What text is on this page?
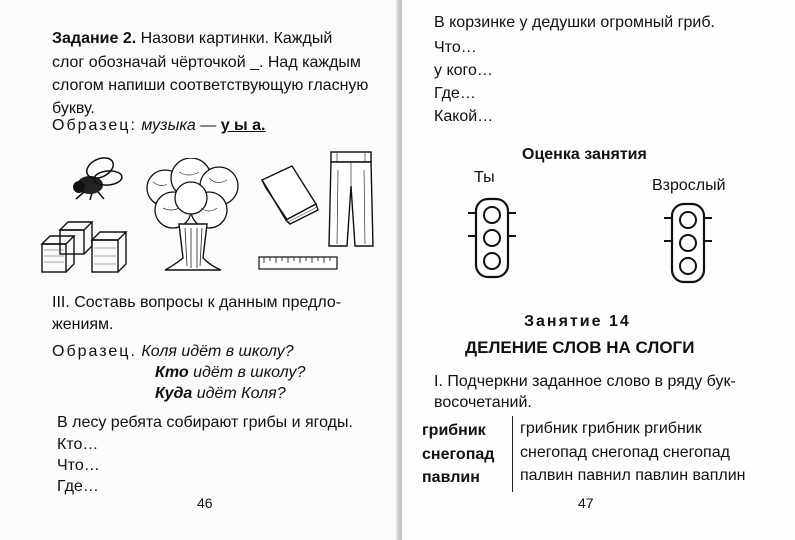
Задание 2. Назови картинки. Каждый
слог обозначай чёрточкой _. Над каждым
слогом напиши соответствующую гласную
букву.
Образец: музыка — у ы а.
III. Составь вопросы к данным предло-
жениям.
Образец. Коля идёт в школу?
Кто идёт в школу?
Куда идёт Коля?
В лесу ребята собирают грибы и ягоды.
Кто…
Что…
Где…
46
В корзинке у дедушки огромный гриб.
Что…
у кого…
Где…
Какой…
Оценка занятия
Ты	Взрослый
Занятие 14
ДЕЛЕНИЕ СЛОВ НА СЛОГИ
I. Подчеркни заданное слово в ряду бук-
восочетаний.
грибник грибник грибник ргибник
снегопад снегопад снегопад снегопад
павлин	палвин павнил павлин ваплин
47
